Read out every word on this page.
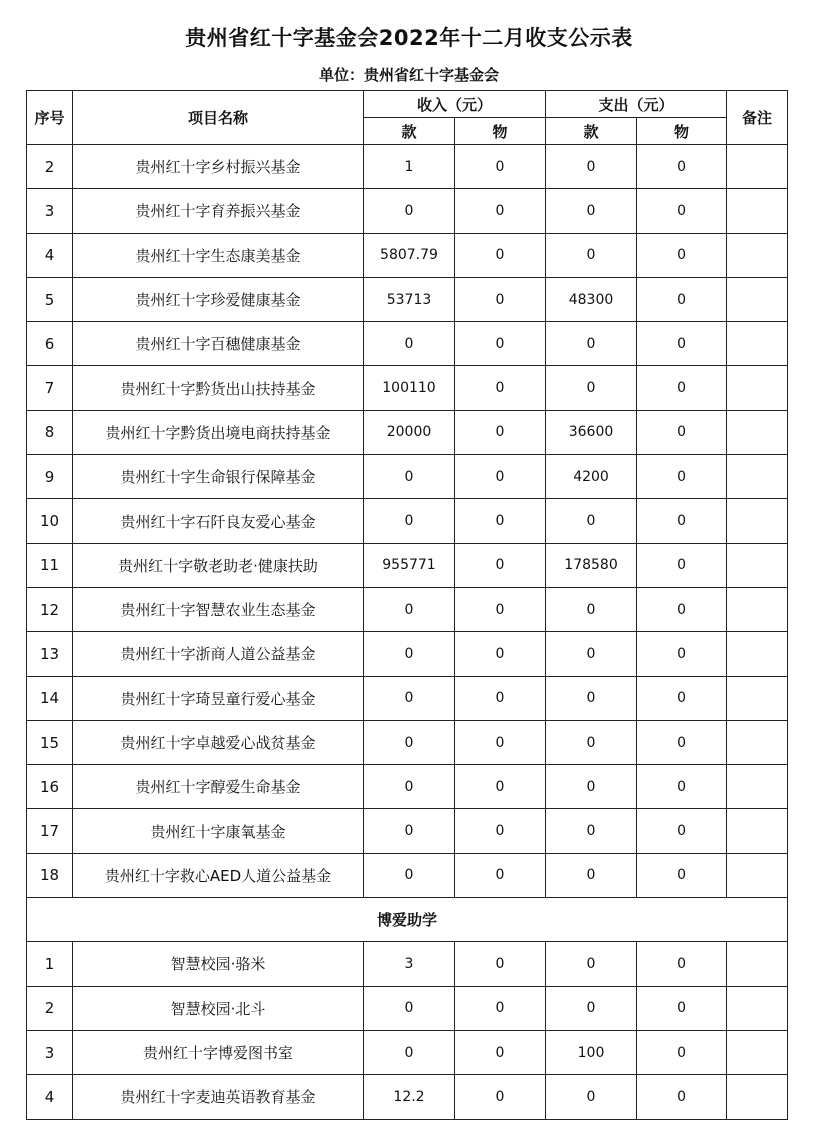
贵州省红十字基金会2022年十二月收支公示表
单位：贵州省红十字基金会
序号	项目名称	收入（元）		支出（元）		备注
		款	物	款	物	
2	贵州红十字乡村振兴基金	1	0	0	0	
3	贵州红十字育养振兴基金	0	0	0	0	
4	贵州红十字生态康美基金	5807.79	0	0	0	
5	贵州红十字珍爱健康基金	53713	0	48300	0	
6	贵州红十字百穗健康基金	0	0	0	0	
7	贵州红十字黔货出山扶持基金	100110	0	0	0	
8	贵州红十字黔货出境电商扶持基金	20000	0	36600	0	
9	贵州红十字生命银行保障基金	0	0	4200	0	
10	贵州红十字石阡良友爱心基金	0	0	0	0	
11	贵州红十字敬老助老·健康扶助	955771	0	178580	0	
12	贵州红十字智慧农业生态基金	0	0	0	0	
13	贵州红十字浙商人道公益基金	0	0	0	0	
14	贵州红十字琦昱童行爱心基金	0	0	0	0	
15	贵州红十字卓越爱心战贫基金	0	0	0	0	
16	贵州红十字醇爱生命基金	0	0	0	0	
17	贵州红十字康氧基金	0	0	0	0	
18	贵州红十字救心AED人道公益基金	0	0	0	0	
博爱助学						
1	智慧校园·骆米	3	0	0	0	
2	智慧校园·北斗	0	0	0	0	
3	贵州红十字博爱图书室	0	0	100	0	
4	贵州红十字麦迪英语教育基金	12.2	0	0	0	
